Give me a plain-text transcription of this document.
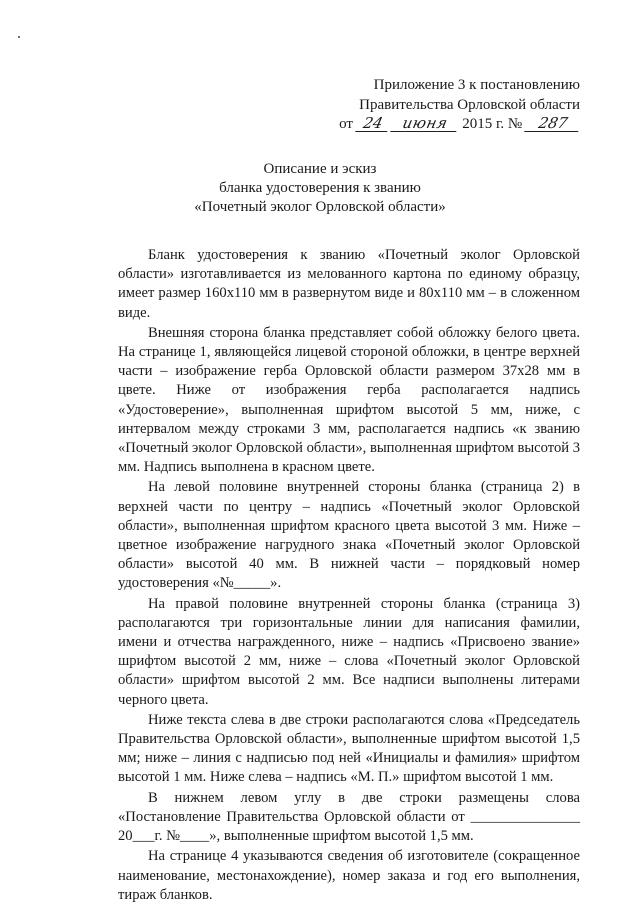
Приложение 3 к постановлению
Правительства Орловской области
от 24 июня 2015 г. № 287
Описание и эскиз
бланка удостоверения к званию
«Почетный эколог Орловской области»

Бланк удостоверения к званию «Почетный эколог Орловской области» изготавливается из мелованного картона по единому образцу, имеет размер 160x110 мм в развернутом виде и 80x110 мм – в сложенном виде.

Внешняя сторона бланка представляет собой обложку белого цвета. На странице 1, являющейся лицевой стороной обложки, в центре верхней части – изображение герба Орловской области размером 37x28 мм в цвете. Ниже от изображения герба располагается надпись «Удостоверение», выполненная шрифтом высотой 5 мм, ниже, с интервалом между строками 3 мм, располагается надпись «к званию «Почетный эколог Орловской области», выполненная шрифтом высотой 3 мм. Надпись выполнена в красном цвете.

На левой половине внутренней стороны бланка (страница 2) в верхней части по центру – надпись «Почетный эколог Орловской области», выполненная шрифтом красного цвета высотой 3 мм. Ниже – цветное изображение нагрудного знака «Почетный эколог Орловской области» высотой 40 мм. В нижней части – порядковый номер удостоверения «№_____».

На правой половине внутренней стороны бланка (страница 3) располагаются три горизонтальные линии для написания фамилии, имени и отчества награжденного, ниже – надпись «Присвоено звание» шрифтом высотой 2 мм, ниже – слова «Почетный эколог Орловской области» шрифтом высотой 2 мм. Все надписи выполнены литерами черного цвета.

Ниже текста слева в две строки располагаются слова «Председатель Правительства Орловской области», выполненные шрифтом высотой 1,5 мм; ниже – линия с надписью под ней «Инициалы и фамилия» шрифтом высотой 1 мм. Ниже слева – надпись «М. П.» шрифтом высотой 1 мм.

В нижнем левом углу в две строки размещены слова «Постановление Правительства Орловской области от _______________ 20___г. №____», выполненные шрифтом высотой 1,5 мм.

На странице 4 указываются сведения об изготовителе (сокращенное наименование, местонахождение), номер заказа и год его выполнения, тираж бланков.
